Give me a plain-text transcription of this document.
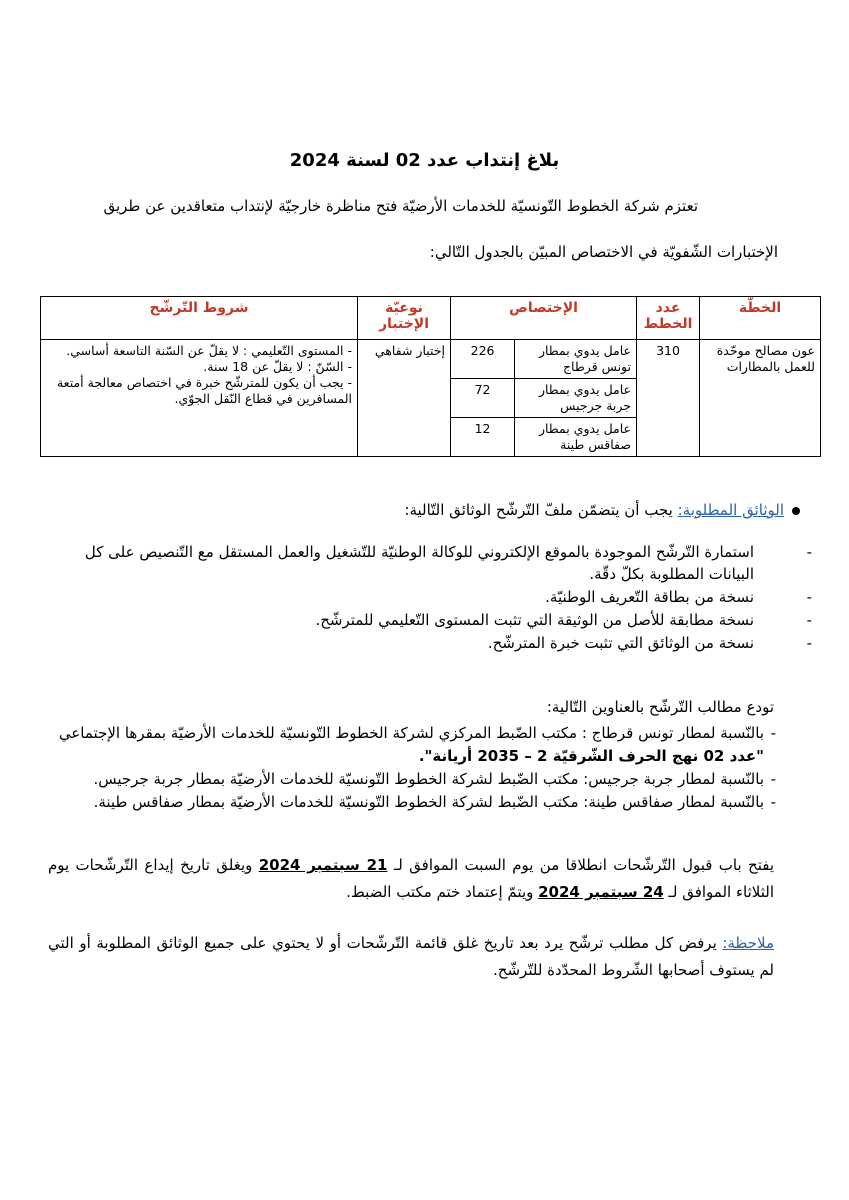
بلاغ إنتداب عدد 02 لسنة 2024
تعتزم شركة الخطوط التّونسيّة للخدمات الأرضيّة فتح مناظرة خارجيّة لإنتداب متعاقدين عن طريق
الإختبارات الشّفويّة في الاختصاص المبيّن بالجدول التّالي:
الخطّة	عدد الخطط	الإختصاص		نوعيّة الإختبار	شروط التّرشّح
عون مصالح موحّدة للعمل بالمطارات	310	عامل يدوي بمطار تونس قرطاج	226	إختبار شفاهي	- المستوى التّعليمي : لا يقلّ عن السّنة التاسعة أساسي.
- السّنّ : لا يقلّ عن 18 سنة.
- يجب أن يكون للمترشّح خبرة في اختصاص معالجة أمتعة المسافرين في قطاع النّقل الجوّي.

		عامل يدوي بمطار جربة جرجيس	72		
		عامل يدوي بمطار صفاقس طينة	12		
الوثائق المطلوبة: يجب أن يتضمّن ملفّ التّرشّح الوثائق التّالية:
-
استمارة التّرشّح الموجودة بالموقع الإلكتروني للوكالة الوطنيّة للتّشغيل والعمل المستقل مع التّنصيص على كل البيانات المطلوبة بكلّ دقّة.
-
نسخة من بطاقة التّعريف الوطنيّة.
-
نسخة مطابقة للأصل من الوثيقة التي تثبت المستوى التّعليمي للمترشّح.
-
نسخة من الوثائق التي تثبت خبرة المترشّح.
تودع مطالب التّرشّح بالعناوين التّالية:
-
بالنّسبة لمطار تونس قرطاج : مكتب الضّبط المركزي لشركة الخطوط التّونسيّة للخدمات الأرضيّة بمقرها الإجتماعي "عدد 02 نهج الحرف الشّرقيّة 2 – 2035 أريانة".
-
بالنّسبة لمطار جربة جرجيس: مكتب الضّبط لشركة الخطوط التّونسيّة للخدمات الأرضيّة بمطار جربة جرجيس.
-
بالنّسبة لمطار صفاقس طينة: مكتب الضّبط لشركة الخطوط التّونسيّة للخدمات الأرضيّة بمطار صفاقس طينة.
يفتح باب قبول التّرشّحات انطلاقا من يوم السبت الموافق لـ 21 سبتمبر 2024 ويغلق تاريخ إيداع التّرشّحات يوم الثلاثاء الموافق لـ 24 سبتمبر 2024 ويتمّ إعتماد ختم مكتب الضبط.
ملاحظة: يرفض كل مطلب ترشّح يرد بعد تاريخ غلق قائمة التّرشّحات أو لا يحتوي على جميع الوثائق المطلوبة أو التي لم يستوف أصحابها الشّروط المحدّدة للتّرشّح.
